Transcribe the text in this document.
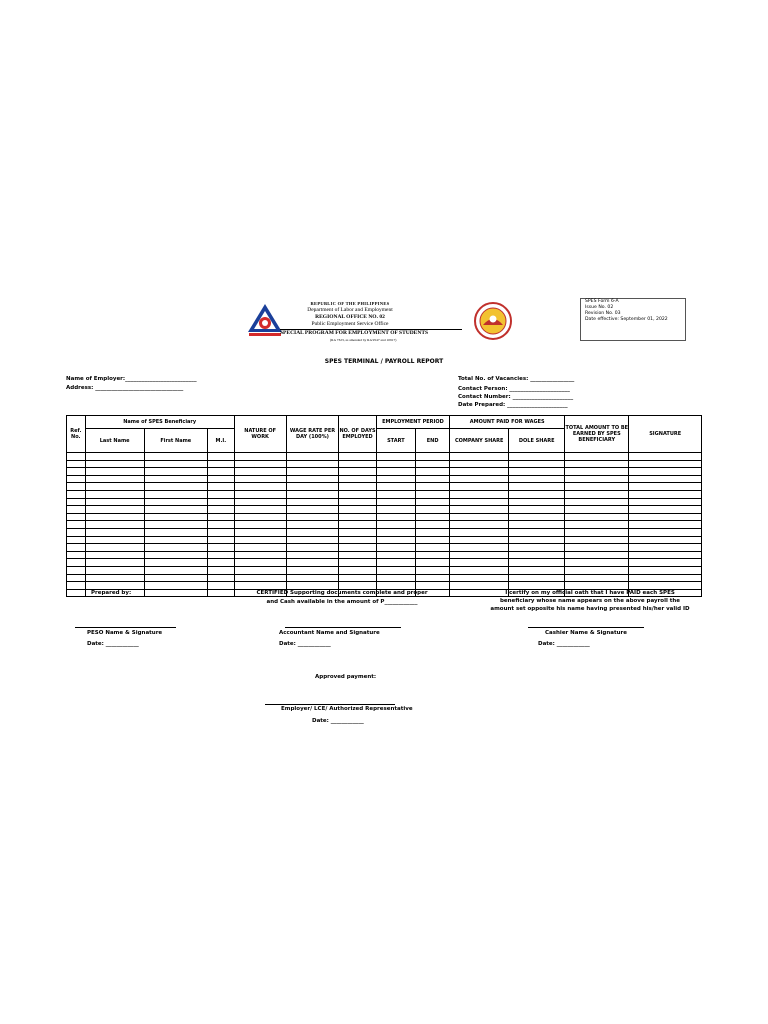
REPUBLIC OF THE PHILIPPINES
Department of Labor and Employment
REGIONAL OFFICE NO. 02
Public Employment Service Office
SPECIAL PROGRAM FOR EMPLOYMENT OF STUDENTS
(RA 7323, as amended by RA 9547 and 10917)
SPES Form 6-A
Issue No. 02
Revision No. 03
Date effective: September 01, 2022
SPES TERMINAL / PAYROLL REPORT
Name of Employer:__________________________
Address: ________________________________
Total No. of Vacancies: ________________
Contact Person: ______________________
Contact Number: ______________________
Date Prepared: ______________________
Ref. No.	Name of SPES Beneficiary			NATURE OF WORK	WAGE RATE PER DAY (100%)	NO. OF DAYS EMPLOYED	EMPLOYMENT PERIOD		AMOUNT PAID FOR WAGES		TOTAL AMOUNT TO BE EARNED BY SPES BENEFICIARY	SIGNATURE
	Last Name	First Name	M.I.				START	END	COMPANY SHARE	DOLE SHARE		

Prepared by:	CERTIFIED Supporting documents complete and proper
and Cash available in the amount of P____________
I certify on my official oath that I have PAID each SPES
beneficiary whose name appears on the above payroll the
amount set opposite his name having presented his/her valid ID
PESO Name & Signature
Date: ____________
Accountant Name and Signature
Date: ____________
Cashier Name & Signature
Date: ____________
Approved payment:
Employer/ LCE/ Authorized Representative
Date: ____________
